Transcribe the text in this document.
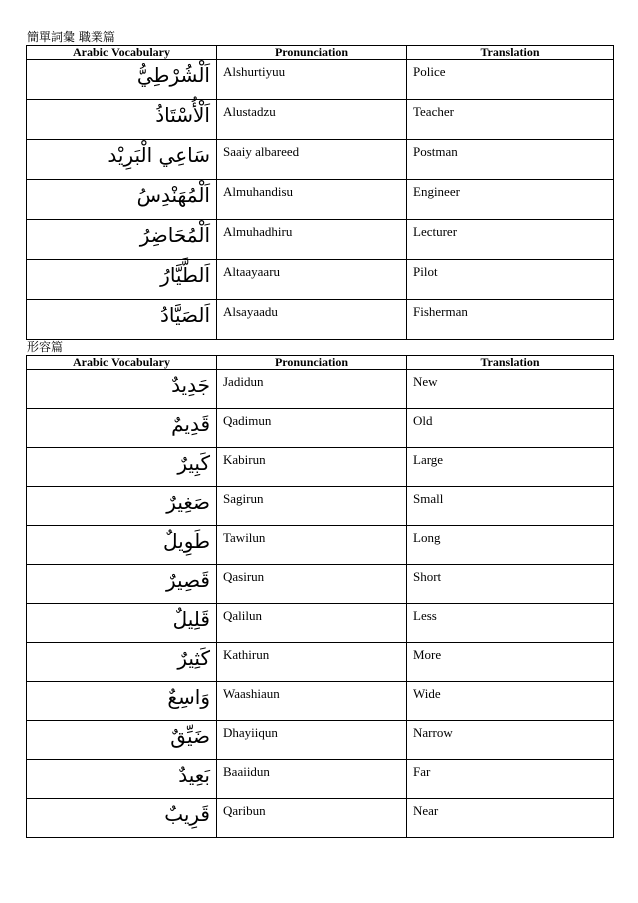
簡單詞彙 職業篇
Arabic Vocabulary	Pronunciation	Translation
اَلْشُرْطِيُّ	Alshurtiyuu	Police
اَلْأُسْتَاذُ	Alustadzu	Teacher
سَاعِي الْبَرِيْد	Saaiy albareed	Postman
اَلْمُهَنْدِسُ	Almuhandisu	Engineer
اَلْمُحَاضِرُ	Almuhadhiru	Lecturer
اَلطَّيَّارُ	Altaayaaru	Pilot
اَلصَيَّادُ	Alsayaadu	Fisherman
形容篇
Arabic Vocabulary	Pronunciation	Translation
جَدِيدٌ	Jadidun	New
قَدِيمٌ	Qadimun	Old
كَبِيرٌ	Kabirun	Large
صَغِيرٌ	Sagirun	Small
طَوِيلٌ	Tawilun	Long
قَصِيرٌ	Qasirun	Short
قَلِيلٌ	Qalilun	Less
كَثِيرٌ	Kathirun	More
وَاسِعٌ	Waashiaun	Wide
ضَيِّقٌ	Dhayiiqun	Narrow
بَعِيدٌ	Baaiidun	Far
قَرِيبٌ	Qaribun	Near
